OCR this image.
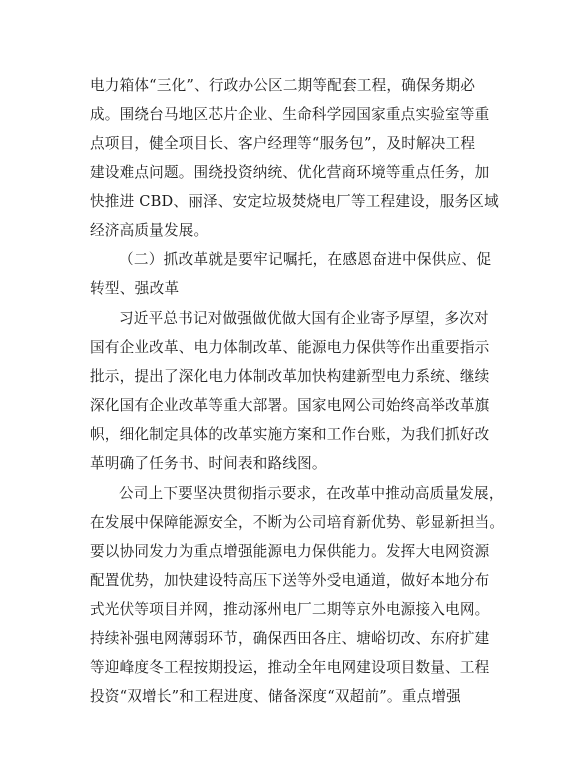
电力箱体“三化”、行政办公区二期等配套工程，确保务期必
成。围绕台马地区芯片企业、生命科学园国家重点实验室等重
点项目，健全项目长、客户经理等“服务包”，及时解决工程
建设难点问题。围绕投资纳统、优化营商环境等重点任务，加
快推进 CBD、丽泽、安定垃圾焚烧电厂等工程建设，服务区域
经济高质量发展。
（二）抓改革就是要牢记嘱托，在感恩奋进中保供应、促
转型、强改革
习近平总书记对做强做优做大国有企业寄予厚望，多次对
国有企业改革、电力体制改革、能源电力保供等作出重要指示
批示，提出了深化电力体制改革加快构建新型电力系统、继续
深化国有企业改革等重大部署。国家电网公司始终高举改革旗
帜，细化制定具体的改革实施方案和工作台账，为我们抓好改
革明确了任务书、时间表和路线图。
公司上下要坚决贯彻指示要求，在改革中推动高质量发展，
在发展中保障能源安全，不断为公司培育新优势、彰显新担当。
要以协同发力为重点增强能源电力保供能力。发挥大电网资源
配置优势，加快建设特高压下送等外受电通道，做好本地分布
式光伏等项目并网，推动涿州电厂二期等京外电源接入电网。
持续补强电网薄弱环节，确保西田各庄、塘峪切改、东府扩建
等迎峰度冬工程按期投运，推动全年电网建设项目数量、工程
投资“双增长”和工程进度、储备深度“双超前”。重点增强
